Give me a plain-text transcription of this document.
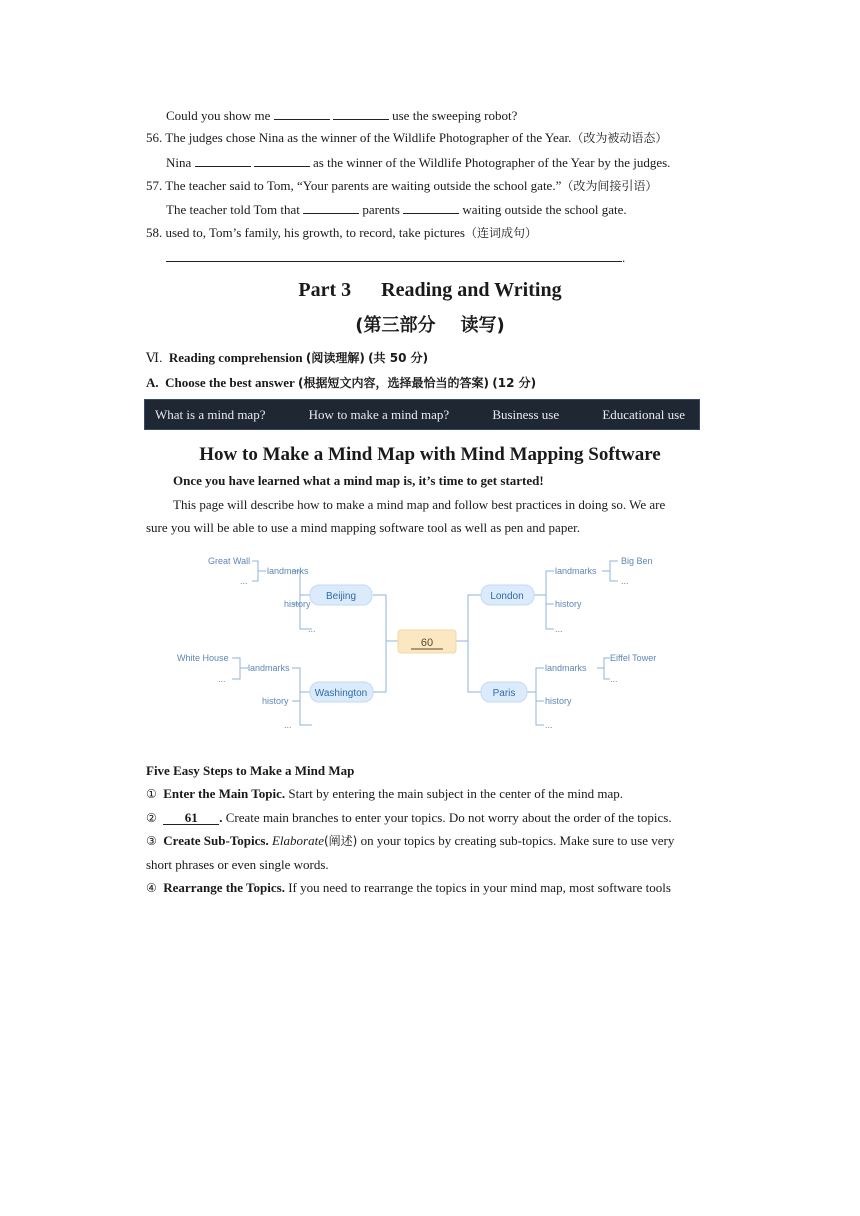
Could you show me	use the sweeping robot?
56. The judges chose Nina as the winner of the Wildlife Photographer of the Year.（改为被动语态）
Nina	as the winner of the Wildlife Photographer of the Year by the judges.
57. The teacher said to Tom, “Your parents are waiting outside the school gate.”（改为间接引语）
The teacher told Tom that	parents	waiting outside the school gate.
58. used to, Tom’s family, his growth, to record, take pictures（连词成句）
.
Part 3      Reading and Writing
(第三部分    读写)
Ⅵ. Reading comprehension (阅读理解) (共 50 分)
A. Choose the best answer (根据短文内容，选择最恰当的答案) (12 分)
What is a mind map?	How to make a mind map?	Business use	Educational use
How to Make a Mind Map with Mind Mapping Software
Once you have learned what a mind map is, it’s time to get started!
This page will describe how to make a mind map and follow best practices in doing so. We are
sure you will be able to use a mind mapping software tool as well as pen and paper.
60
Beijing
Washington
London
Paris
landmarks
history
...
landmarks
history
...
Great Wall
...
White House
...
landmarks
history
...
landmarks
history
...
Big Ben
...
Eiffel Tower
...
Five Easy Steps to Make a Mind Map
① Enter the Main Topic. Start by entering the main subject in the center of the mind map.
② 61 . Create main branches to enter your topics. Do not worry about the order of the topics.
③ Create Sub-Topics. Elaborate(阐述) on your topics by creating sub-topics. Make sure to use very
short phrases or even single words.
④ Rearrange the Topics. If you need to rearrange the topics in your mind map, most software tools
